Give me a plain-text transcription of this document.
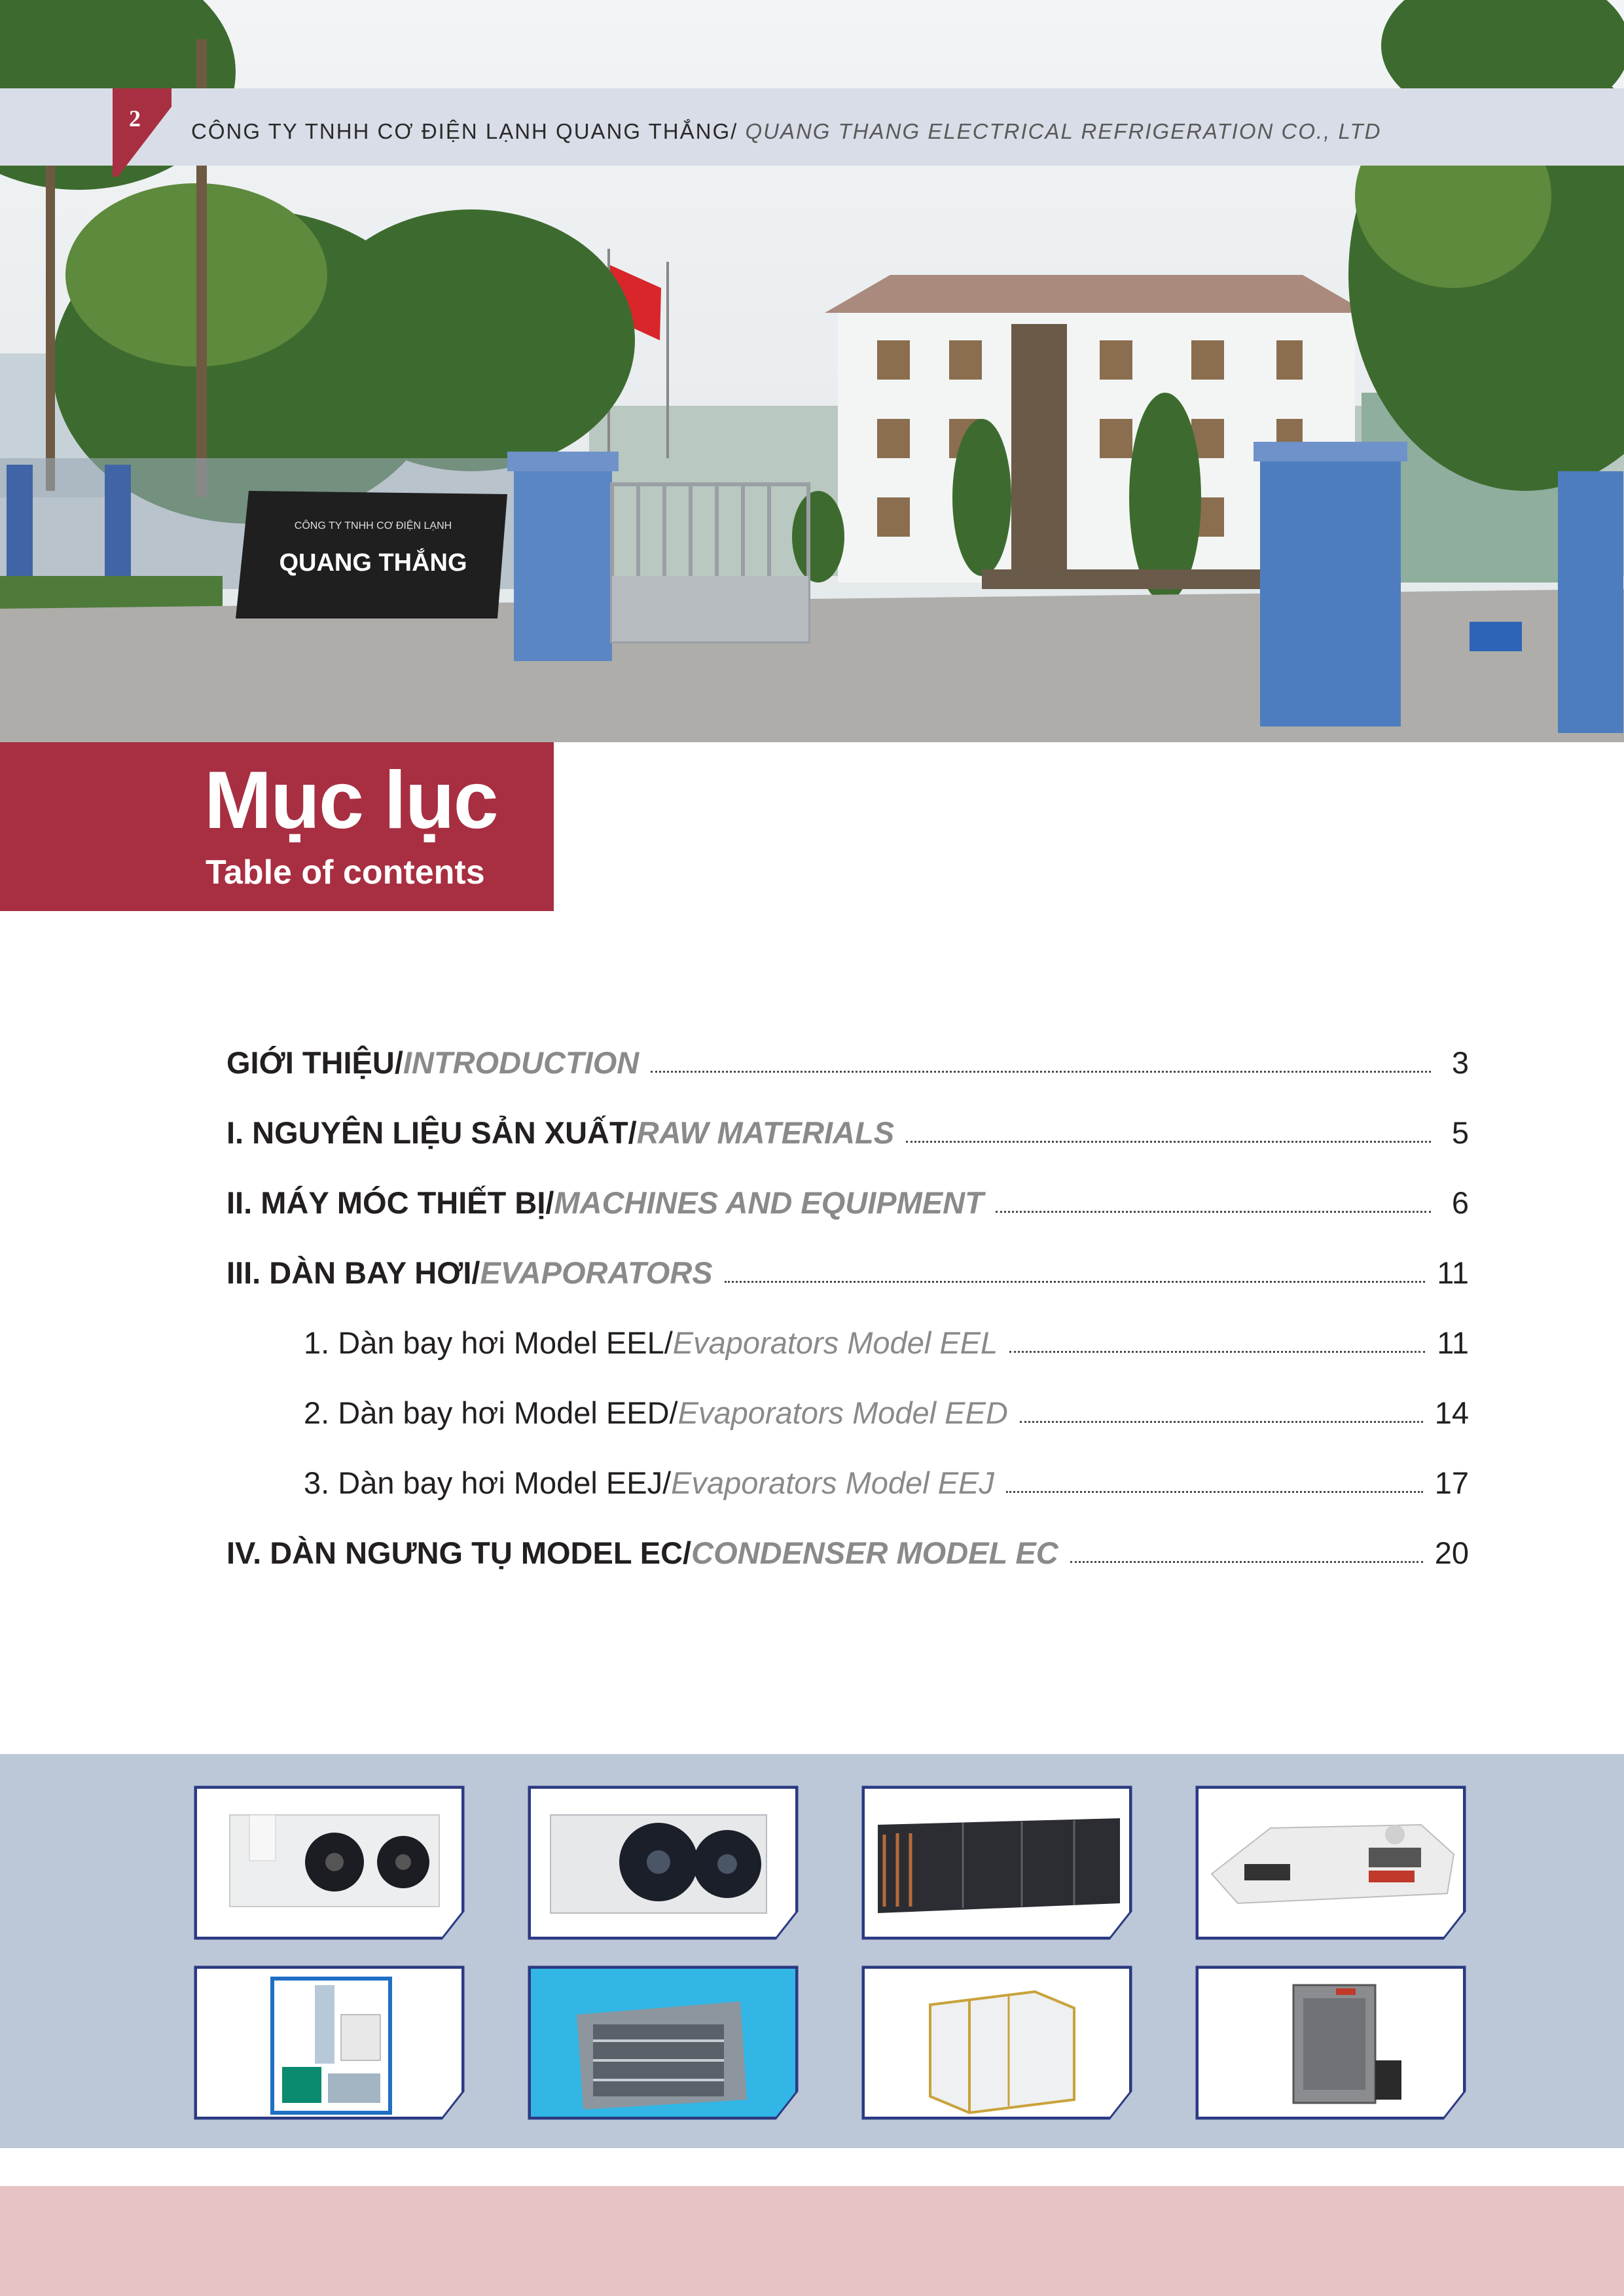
CÔNG TY TNHH CƠ ĐIỆN LẠNH
QUANG THẮNG
2	CÔNG TY TNHH CƠ ĐIỆN LẠNH QUANG THẮNG/ QUANG THANG ELECTRICAL REFRIGERATION CO., LTD
Mục lục
Table of contents
GIỚI THIỆU/INTRODUCTION	3
I. NGUYÊN LIỆU SẢN XUẤT/RAW MATERIALS	5
II. MÁY MÓC THIẾT BỊ/MACHINES AND EQUIPMENT	6
III. DÀN BAY HƠI/EVAPORATORS	11
1. Dàn bay hơi Model EEL/Evaporators Model EEL	11
2. Dàn bay hơi Model EED/Evaporators Model EED	14
3. Dàn bay hơi Model EEJ/Evaporators Model EEJ	17
IV. DÀN NGƯNG TỤ MODEL EC/CONDENSER MODEL EC	20
